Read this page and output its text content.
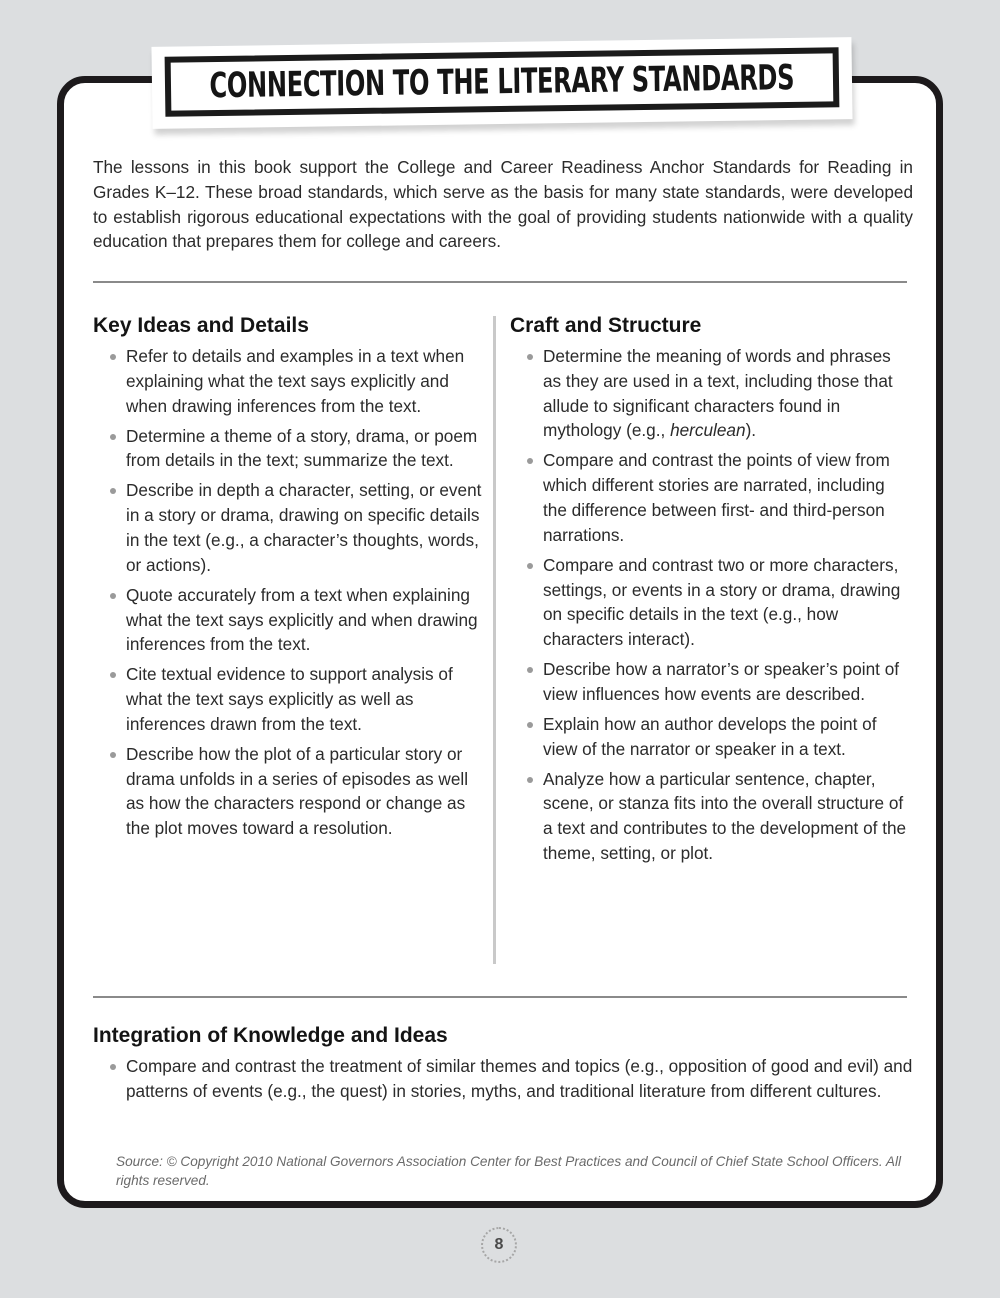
CONNECTION TO THE LITERARY STANDARDS

The lessons in this book support the College and Career Readiness Anchor Standards for Reading in Grades K–12. These broad standards, which serve as the basis for many state standards, were developed to establish rigorous educational expectations with the goal of providing students nationwide with a quality education that prepares them for college and careers.

Key Ideas and Details
Refer to details and examples in a text when explaining what the text says explicitly and when drawing inferences from the text.
Determine a theme of a story, drama, or poem from details in the text; summarize the text.
Describe in depth a character, setting, or event in a story or drama, drawing on specific details in the text (e.g., a character’s thoughts, words, or actions).
Quote accurately from a text when explaining what the text says explicitly and when drawing inferences from the text.
Cite textual evidence to support analysis of what the text says explicitly as well as inferences drawn from the text.
Describe how the plot of a particular story or drama unfolds in a series of episodes as well as how the characters respond or change as the plot moves toward a resolution.
Craft and Structure
Determine the meaning of words and phrases as they are used in a text, including those that allude to significant characters found in mythology (e.g., herculean).
Compare and contrast the points of view from which different stories are narrated, including the difference between first- and third-person narrations.
Compare and contrast two or more characters, settings, or events in a story or drama, drawing on specific details in the text (e.g., how characters interact).
Describe how a narrator’s or speaker’s point of view influences how events are described.
Explain how an author develops the point of view of the narrator or speaker in a text.
Analyze how a particular sentence, chapter, scene, or stanza fits into the overall structure of a text and contributes to the development of the theme, setting, or plot.
Integration of Knowledge and Ideas
Compare and contrast the treatment of similar themes and topics (e.g., opposition of good and evil) and patterns of events (e.g., the quest) in stories, myths, and traditional literature from different cultures.

Source: © Copyright 2010 National Governors Association Center for Best Practices and Council of Chief State School Officers. All rights reserved.

8
